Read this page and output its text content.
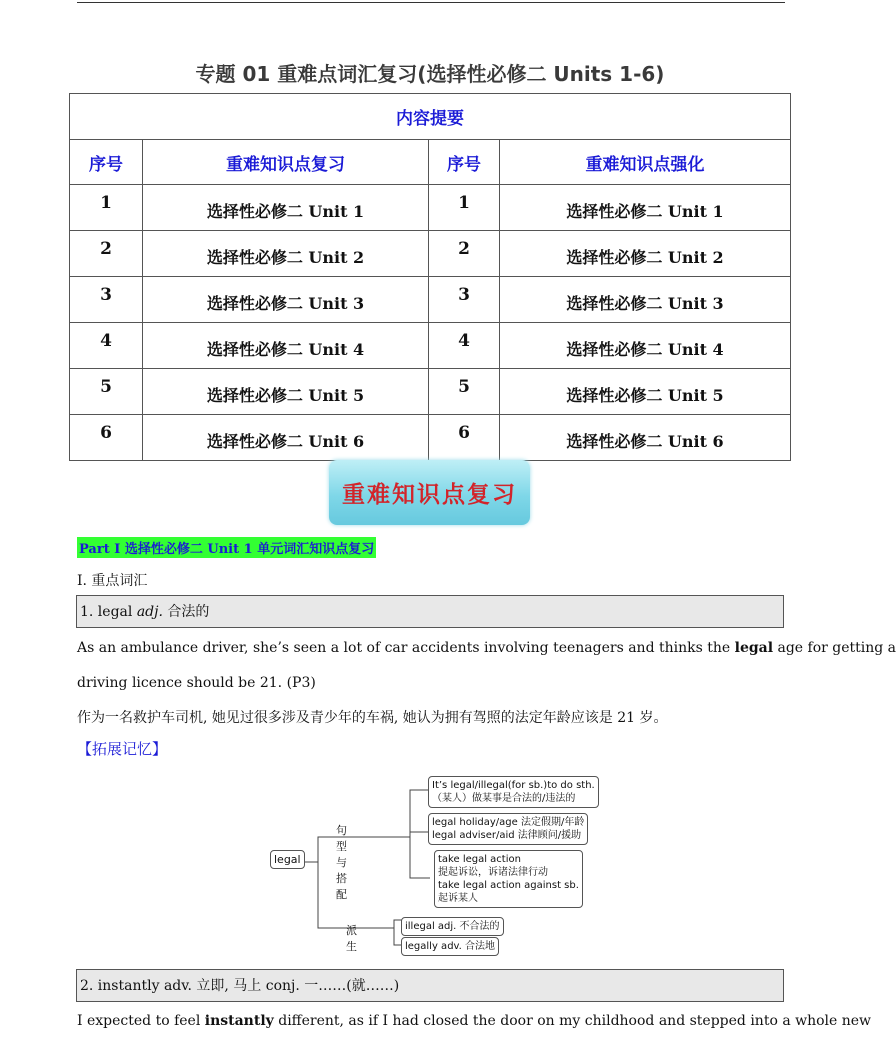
专题 01 重难点词汇复习(选择性必修二 Units 1-6)
内容提要			
序号	重难知识点复习	序号	重难知识点强化
1	选择性必修二 Unit 1	1	选择性必修二 Unit 1
2	选择性必修二 Unit 2	2	选择性必修二 Unit 2
3	选择性必修二 Unit 3	3	选择性必修二 Unit 3
4	选择性必修二 Unit 4	4	选择性必修二 Unit 4
5	选择性必修二 Unit 5	5	选择性必修二 Unit 5
6	选择性必修二 Unit 6	6	选择性必修二 Unit 6
重难知识点复习
Part I 选择性必修二 Unit 1 单元词汇知识点复习
I. 重点词汇
1. legal adj. 合法的
As an ambulance driver, she’s seen a lot of car accidents involving teenagers and thinks the legal age for getting a
driving licence should be 21. (P3)
作为一名救护车司机, 她见过很多涉及青少年的车祸, 她认为拥有驾照的法定年龄应该是 21 岁。
【拓展记忆】
legal
句型与搭配
派生
It’s legal/illegal(for sb.)to do sth.
（某人）做某事是合法的/违法的
legal holiday/age 法定假期/年龄
legal adviser/aid 法律顾问/援助
take legal action
提起诉讼，诉诸法律行动
take legal action against sb.
起诉某人
illegal adj. 不合法的
legally adv. 合法地
2. instantly adv. 立即, 马上 conj. 一……(就……)
I expected to feel instantly different, as if I had closed the door on my childhood and stepped into a whole new
